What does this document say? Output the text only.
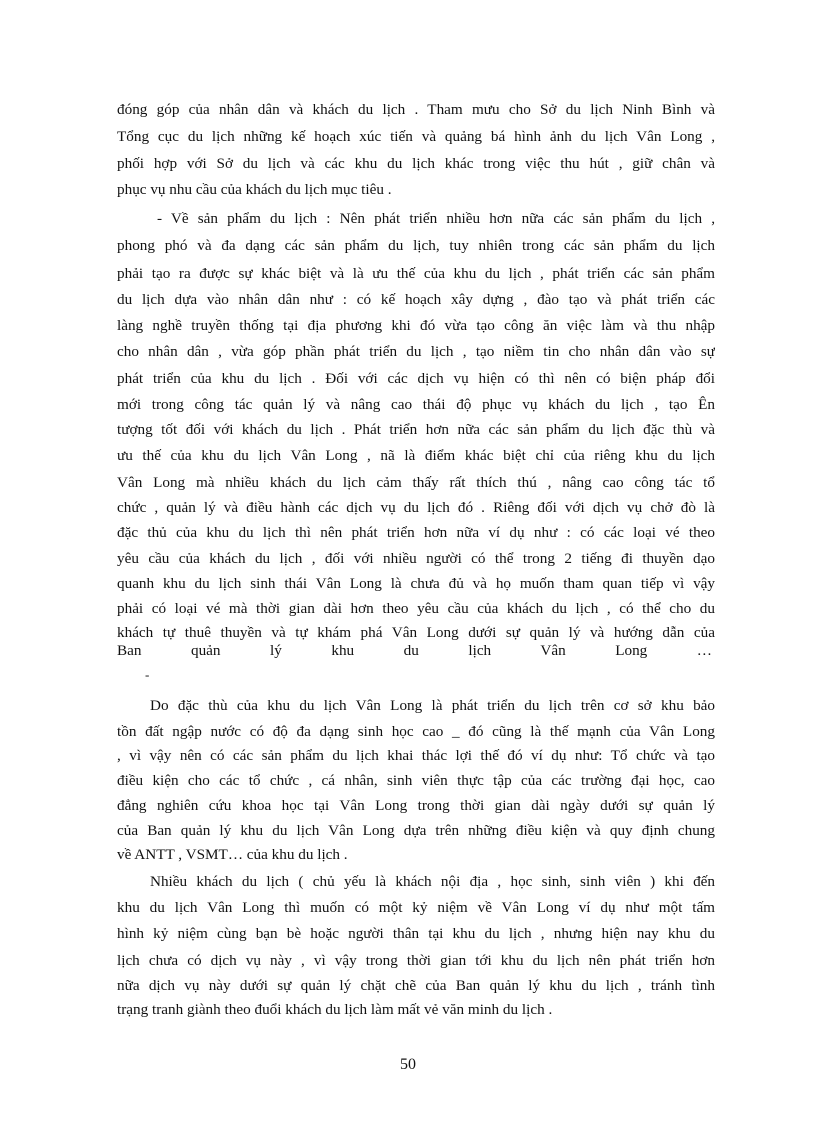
đóng góp của nhân dân và khách du lịch . Tham mưu cho Sở du lịch Ninh Bình và
Tổng cục du lịch những kế hoạch xúc tiến và quảng bá hình ảnh du lịch Vân Long ,
phối hợp với Sở du lịch và các khu du lịch khác trong việc thu hút , giữ chân và
phục vụ nhu cầu của khách du lịch mục tiêu .
- Về sản phẩm du lịch : Nên phát triển nhiều hơn nữa các sản phẩm du lịch ,
phong phó và đa dạng các sản phẩm du lịch, tuy nhiên trong các sản phẩm du lịch
phải tạo ra được sự khác biệt và là ưu thế của khu du lịch , phát triển các sản phẩm
du lịch dựa vào nhân dân như : có kế hoạch xây dựng , đào tạo và phát triển các
làng nghề truyền thống tại địa phương khi đó vừa tạo công ăn việc làm và thu nhập
cho nhân dân , vừa góp phần phát triển du lịch , tạo niềm tin cho nhân dân vào sự
phát triển của khu du lịch . Đối với các dịch vụ hiện có thì nên có biện pháp đổi
mới trong công tác quản lý và nâng cao thái độ phục vụ khách du lịch , tạo Ên
tượng tốt đối với khách du lịch . Phát triển hơn nữa các sản phẩm du lịch đặc thù và
ưu thế của khu du lịch Vân Long , nã là điểm khác biệt chỉ của riêng khu du lịch
Vân Long mà nhiều khách du lịch cảm thấy rất thích thú , nâng cao công tác tổ
chức , quản lý và điều hành các dịch vụ du lịch đó . Riêng đối với dịch vụ chở đò là
đặc thủ của khu du lịch thì nên phát triển hơn nữa ví dụ như : có các loại vé theo
yêu cầu của khách du lịch , đối với nhiều người có thể trong 2 tiếng đi thuyền dạo
quanh khu du lịch sinh thái Vân Long là chưa đủ và họ muốn tham quan tiếp vì vậy
phải có loại vé mà thời gian dài hơn theo yêu cầu của khách du lịch , có thể cho du
khách tự thuê thuyền và tự khám phá Vân Long dưới sự quản lý và hướng dẫn của
Ban quản lý khu du lịch Vân Long …
-
Do đặc thù của khu du lịch Vân Long là phát triển du lịch trên cơ sở khu bảo
tồn đất ngập nước có độ đa dạng sinh học cao _ đó cũng là thế mạnh của Vân Long
, vì vậy nên có các sản phẩm du lịch khai thác lợi thế đó ví dụ như: Tổ chức và tạo
điều kiện cho các tổ chức , cá nhân, sinh viên thực tập của các trường đại học, cao
đẳng nghiên cứu khoa học tại Vân Long trong thời gian dài ngày dưới sự quản lý
của Ban quản lý khu du lịch Vân Long dựa trên những điều kiện và quy định chung
về ANTT , VSMT… của khu du lịch .
Nhiều khách du lịch ( chủ yếu là khách nội địa , học sinh, sinh viên ) khi đến
khu du lịch Vân Long thì muốn có một kỷ niệm về Vân Long ví dụ như một tấm
hình kỷ niệm cùng bạn bè hoặc người thân tại khu du lịch , nhưng hiện nay khu du
lịch chưa có dịch vụ này , vì vậy trong thời gian tới khu du lịch nên phát triển hơn
nữa dịch vụ này dưới sự quản lý chặt chẽ của Ban quản lý khu du lịch , tránh tình
trạng tranh giành theo đuổi khách du lịch làm mất vẻ văn minh du lịch .
50
